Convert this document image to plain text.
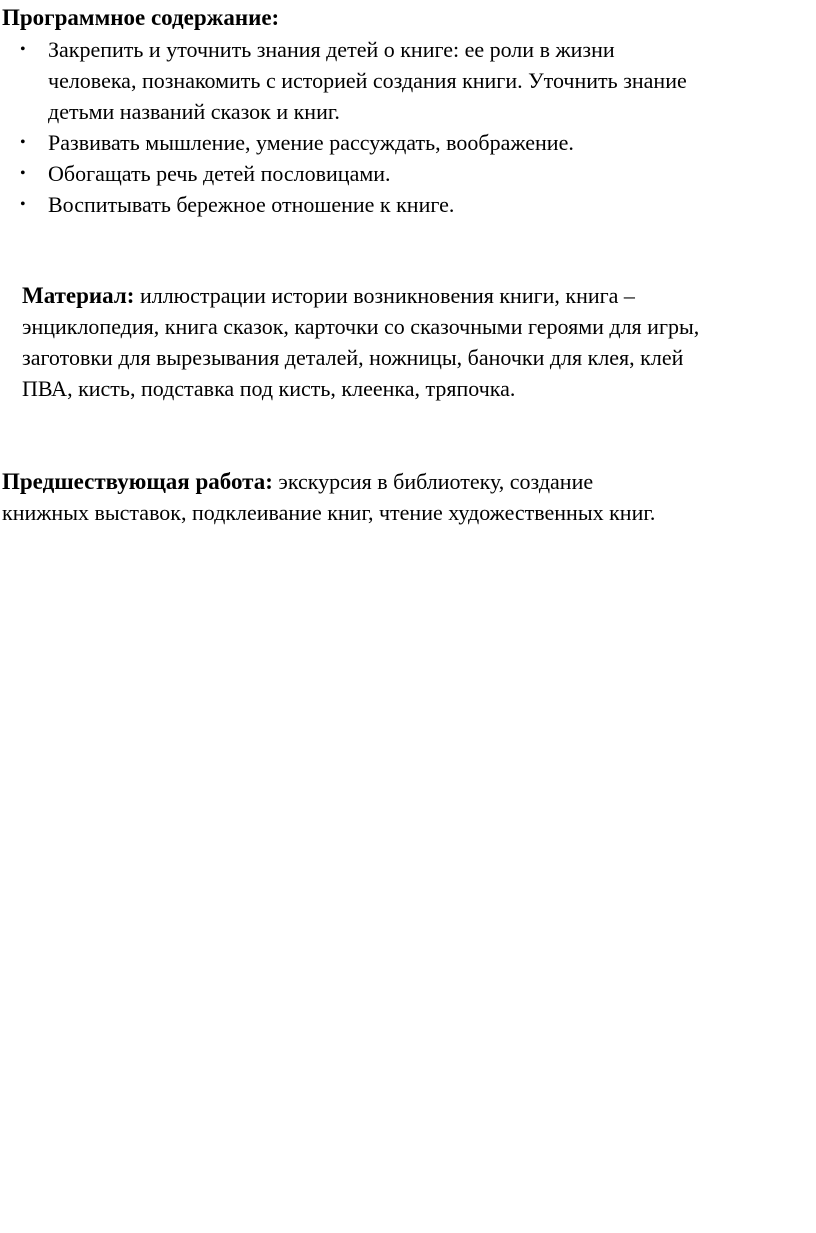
Программное содержание:
• Закрепить и уточнить знания детей о книге: ее роли в жизни
человека, познакомить с историей создания книги. Уточнить знание
детьми названий сказок и книг.
• Развивать мышление, умение рассуждать, воображение.
• Обогащать речь детей пословицами.
• Воспитывать бережное отношение к книге.

Материал: иллюстрации истории возникновения книги, книга –
энциклопедия, книга сказок, карточки со сказочными героями для игры,
заготовки для вырезывания деталей, ножницы, баночки для клея, клей
ПВА, кисть, подставка под кисть, клеенка, тряпочка.

Предшествующая работа: экскурсия в библиотеку, создание
книжных выставок, подклеивание книг, чтение художественных книг.
